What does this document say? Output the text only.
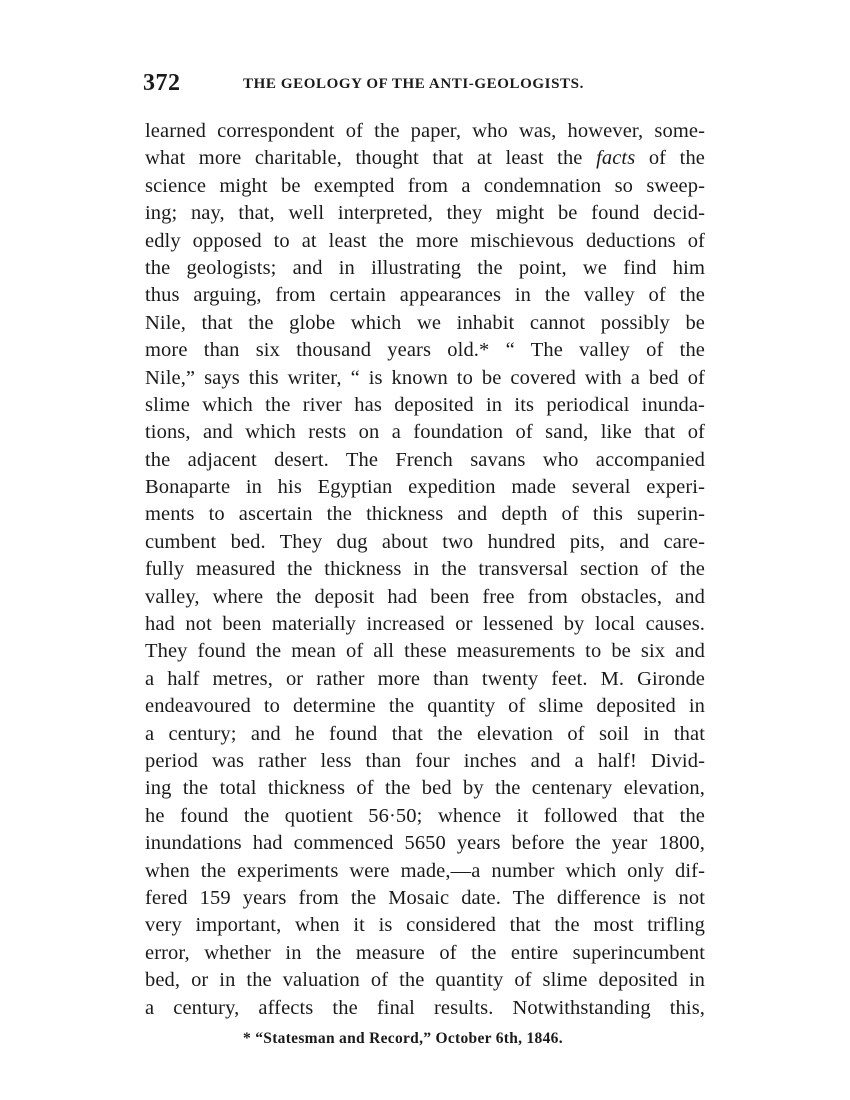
372	THE GEOLOGY OF THE ANTI-GEOLOGISTS.
learned correspondent of the paper, who was, however, some-
what more charitable, thought that at least the facts of the
science might be exempted from a condemnation so sweep-
ing; nay, that, well interpreted, they might be found decid-
edly opposed to at least the more mischievous deductions of
the geologists; and in illustrating the point, we find him
thus arguing, from certain appearances in the valley of the
Nile, that the globe which we inhabit cannot possibly be
more than six thousand years old.* “ The valley of the
Nile,” says this writer, “ is known to be covered with a bed of
slime which the river has deposited in its periodical inunda-
tions, and which rests on a foundation of sand, like that of
the adjacent desert. The French savans who accompanied
Bonaparte in his Egyptian expedition made several experi-
ments to ascertain the thickness and depth of this superin-
cumbent bed. They dug about two hundred pits, and care-
fully measured the thickness in the transversal section of the
valley, where the deposit had been free from obstacles, and
had not been materially increased or lessened by local causes.
They found the mean of all these measurements to be six and
a half metres, or rather more than twenty feet. M. Gironde
endeavoured to determine the quantity of slime deposited in
a century; and he found that the elevation of soil in that
period was rather less than four inches and a half! Divid-
ing the total thickness of the bed by the centenary elevation,
he found the quotient 56·50; whence it followed that the
inundations had commenced 5650 years before the year 1800,
when the experiments were made,—a number which only dif-
fered 159 years from the Mosaic date. The difference is not
very important, when it is considered that the most trifling
error, whether in the measure of the entire superincumbent
bed, or in the valuation of the quantity of slime deposited in
a century, affects the final results. Notwithstanding this,
* “Statesman and Record,” October 6th, 1846.
